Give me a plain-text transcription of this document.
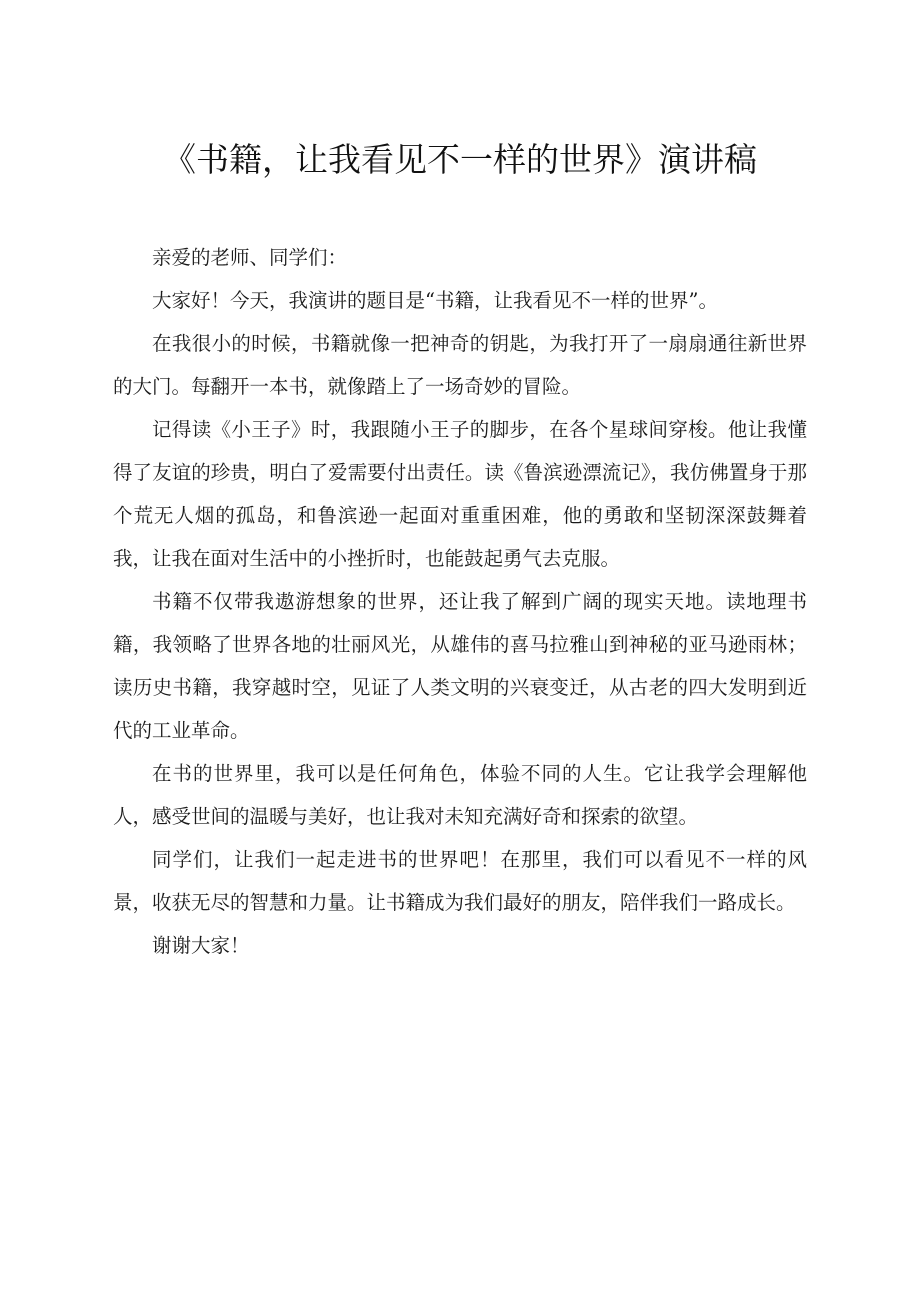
《书籍，让我看见不一样的世界》演讲稿

亲爱的老师、同学们：

大家好！今天，我演讲的题目是“书籍，让我看见不一样的世界”。

在我很小的时候，书籍就像一把神奇的钥匙，为我打开了一扇扇通往新世界的大门。每翻开一本书，就像踏上了一场奇妙的冒险。

记得读《小王子》时，我跟随小王子的脚步，在各个星球间穿梭。他让我懂得了友谊的珍贵，明白了爱需要付出责任。读《鲁滨逊漂流记》，我仿佛置身于那个荒无人烟的孤岛，和鲁滨逊一起面对重重困难，他的勇敢和坚韧深深鼓舞着我，让我在面对生活中的小挫折时，也能鼓起勇气去克服。

书籍不仅带我遨游想象的世界，还让我了解到广阔的现实天地。读地理书籍，我领略了世界各地的壮丽风光，从雄伟的喜马拉雅山到神秘的亚马逊雨林；读历史书籍，我穿越时空，见证了人类文明的兴衰变迁，从古老的四大发明到近代的工业革命。

在书的世界里，我可以是任何角色，体验不同的人生。它让我学会理解他人，感受世间的温暖与美好，也让我对未知充满好奇和探索的欲望。

同学们，让我们一起走进书的世界吧！在那里，我们可以看见不一样的风景，收获无尽的智慧和力量。让书籍成为我们最好的朋友，陪伴我们一路成长。

谢谢大家！
